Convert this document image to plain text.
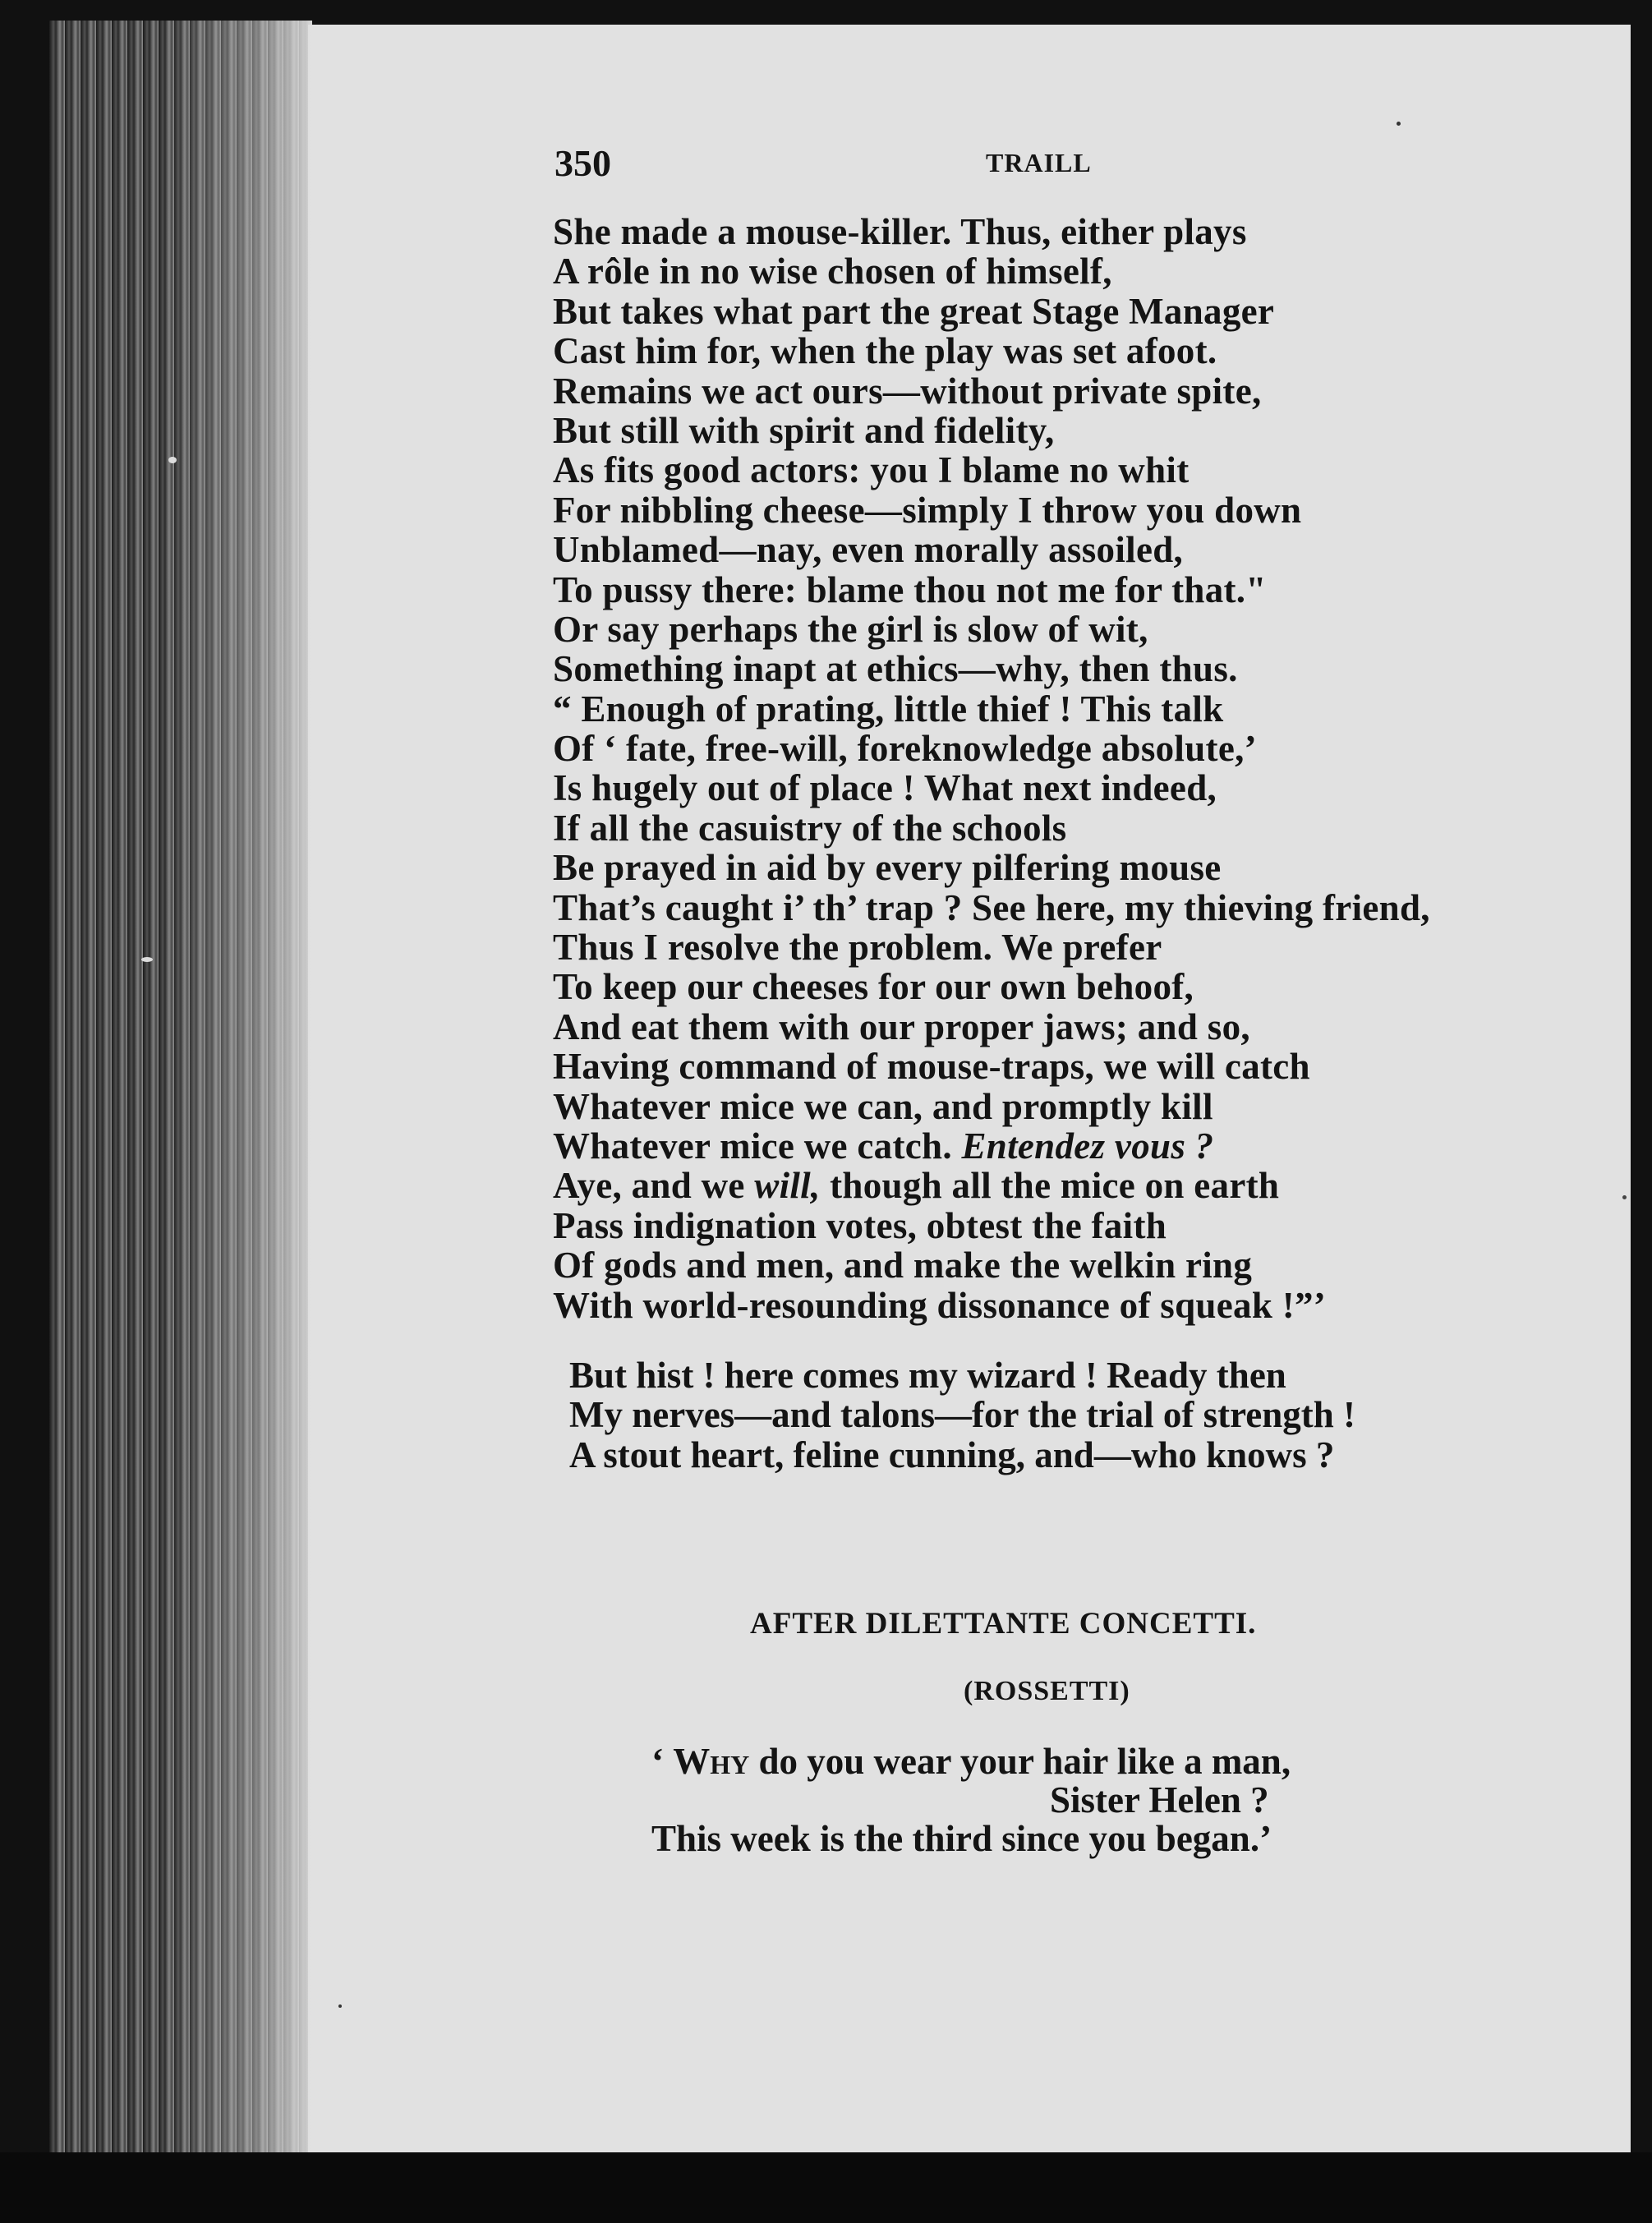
350	TRAILL
She made a mouse-killer. Thus, either plays
A rôle in no wise chosen of himself,
But takes what part the great Stage Manager
Cast him for, when the play was set afoot.
Remains we act ours—without private spite,
But still with spirit and fidelity,
As fits good actors: you I blame no whit
For nibbling cheese—simply I throw you down
Unblamed—nay, even morally assoiled,
To pussy there: blame thou not me for that."
Or say perhaps the girl is slow of wit,
Something inapt at ethics—why, then thus.
“ Enough of prating, little thief ! This talk
Of ‘ fate, free-will, foreknowledge absolute,’
Is hugely out of place ! What next indeed,
If all the casuistry of the schools
Be prayed in aid by every pilfering mouse
That’s caught i’ th’ trap ? See here, my thieving friend,
Thus I resolve the problem. We prefer
To keep our cheeses for our own behoof,
And eat them with our proper jaws; and so,
Having command of mouse-traps, we will catch
Whatever mice we can, and promptly kill
Whatever mice we catch. Entendez vous ?
Aye, and we will, though all the mice on earth
Pass indignation votes, obtest the faith
Of gods and men, and make the welkin ring
With world-resounding dissonance of squeak !”’
But hist ! here comes my wizard ! Ready then
My nerves—and talons—for the trial of strength !
A stout heart, feline cunning, and—who knows ?
AFTER DILETTANTE CONCETTI.
(ROSSETTI)
‘ Why do you wear your hair like a man,
Sister Helen ?
This week is the third since you began.’
